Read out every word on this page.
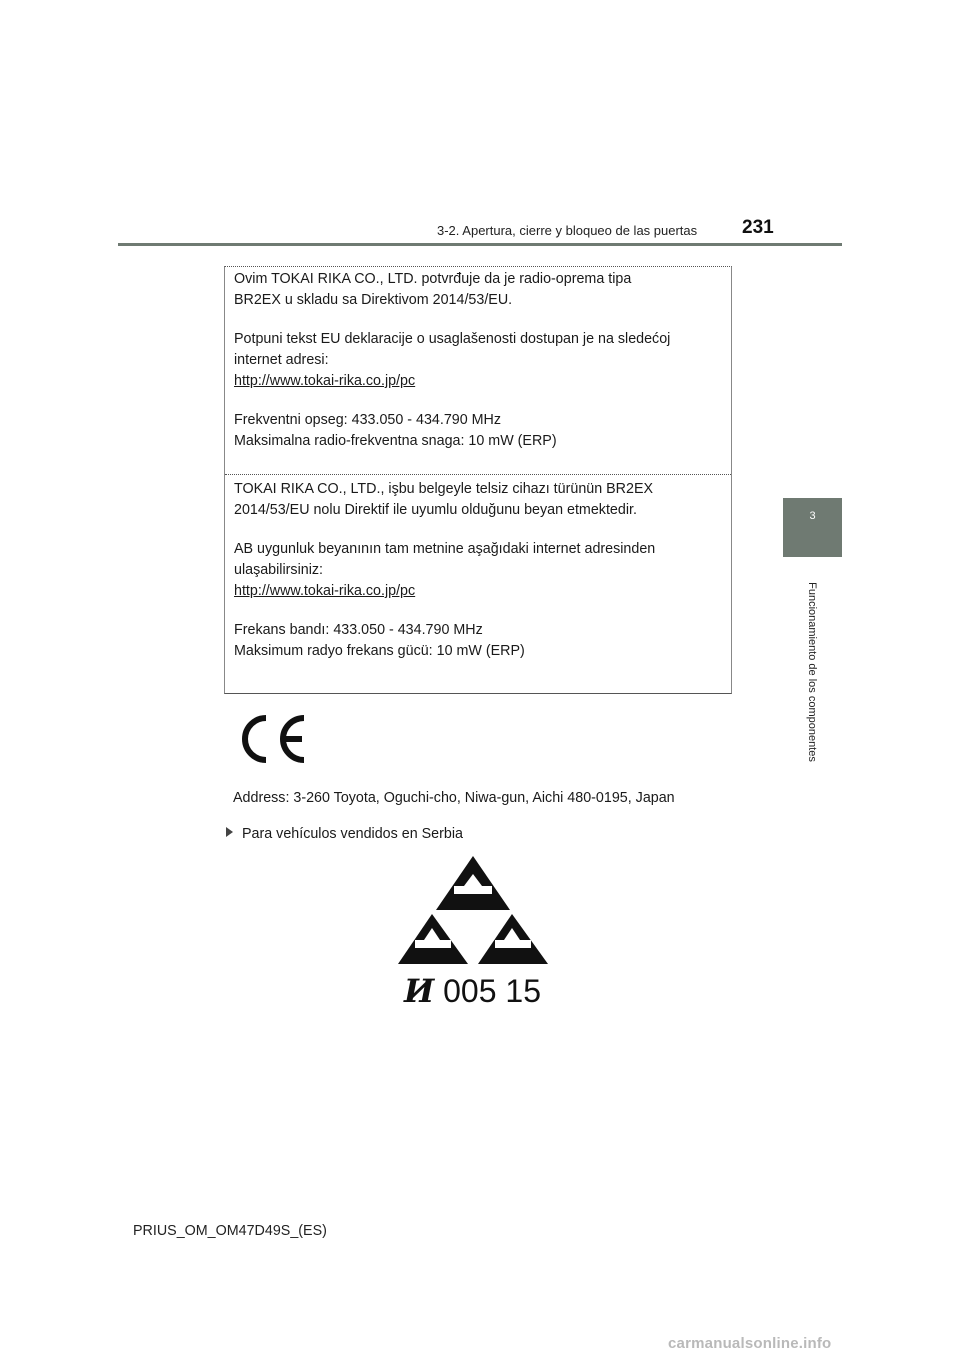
3-2. Apertura, cierre y bloqueo de las puertas 231
3
Funcionamiento de los componentes

Ovim TOKAI RIKA CO., LTD. potvrđuje da je radio-oprema tipa
BR2EX u skladu sa Direktivom 2014/53/EU.

Potpuni tekst EU deklaracije o usaglašenosti dostupan je na sledećoj
internet adresi:
http://www.tokai-rika.co.jp/pc

Frekventni opseg: 433.050 - 434.790 MHz
Maksimalna radio-frekventna snaga: 10 mW (ERP)

TOKAI RIKA CO., LTD., işbu belgeyle telsiz cihazı türünün BR2EX
2014/53/EU nolu Direktif ile uyumlu olduğunu beyan etmektedir.

AB uygunluk beyanının tam metnine aşağıdaki internet adresinden
ulaşabilirsiniz:
http://www.tokai-rika.co.jp/pc

Frekans bandı: 433.050 - 434.790 MHz
Maksimum radyo frekans gücü: 10 mW (ERP)

Address: 3-260 Toyota, Oguchi-cho, Niwa-gun, Aichi 480-0195, Japan
Para vehículos vendidos en Serbia
И 005 15
PRIUS_OM_OM47D49S_(ES)
carmanualsonline.info
